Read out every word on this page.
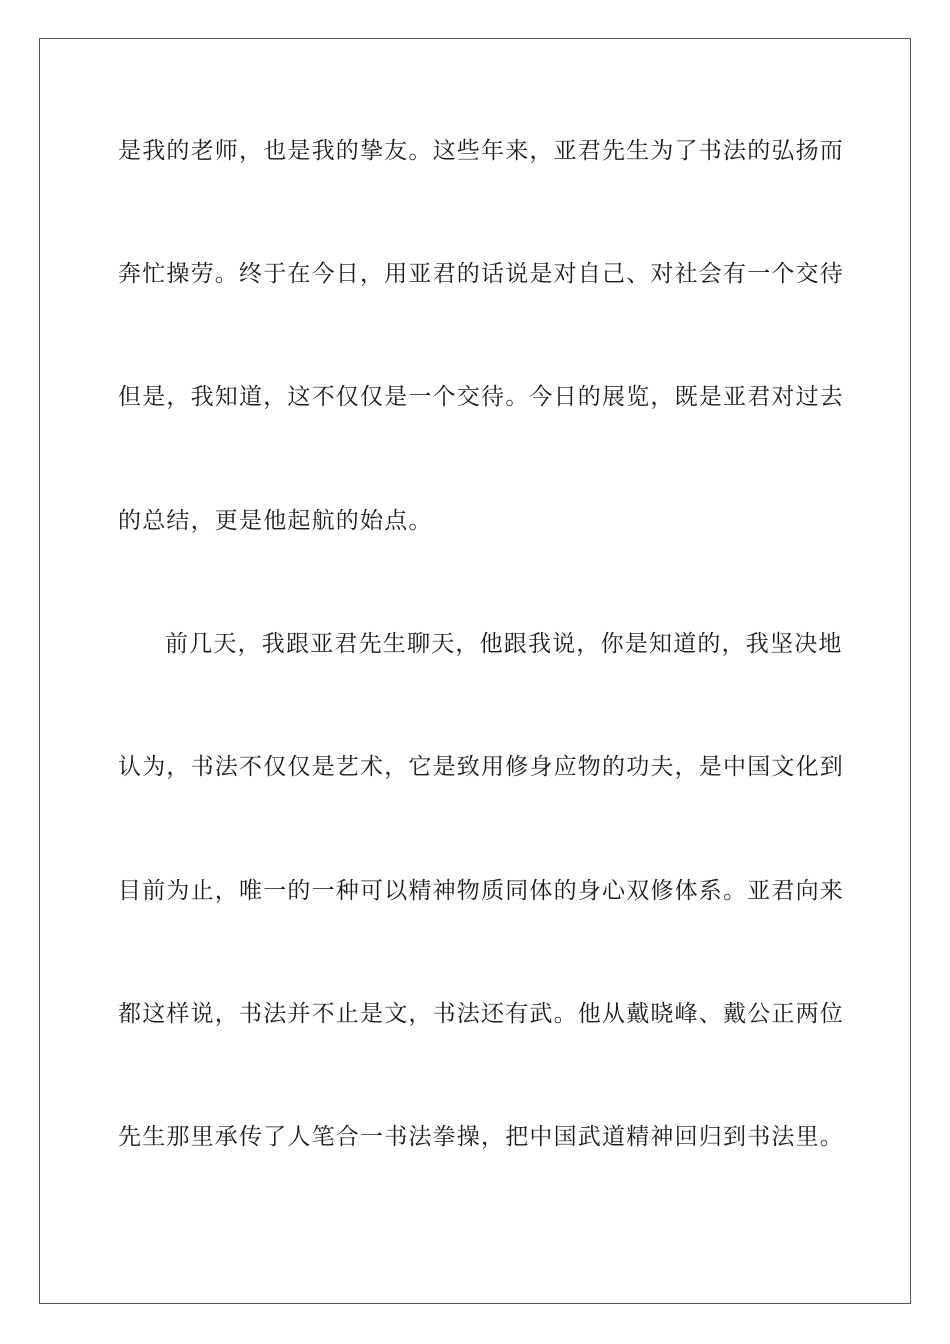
是我的老师，也是我的挚友。这些年来，亚君先生为了书法的弘扬而
奔忙操劳。终于在今日，用亚君的话说是对自己、对社会有一个交待
但是，我知道，这不仅仅是一个交待。今日的展览，既是亚君对过去
的总结，更是他起航的始点。
前几天，我跟亚君先生聊天，他跟我说，你是知道的，我坚决地
认为，书法不仅仅是艺术，它是致用修身应物的功夫，是中国文化到
目前为止，唯一的一种可以精神物质同体的身心双修体系。亚君向来
都这样说，书法并不止是文，书法还有武。他从戴晓峰、戴公正两位
先生那里承传了人笔合一书法拳操，把中国武道精神回归到书法里。
